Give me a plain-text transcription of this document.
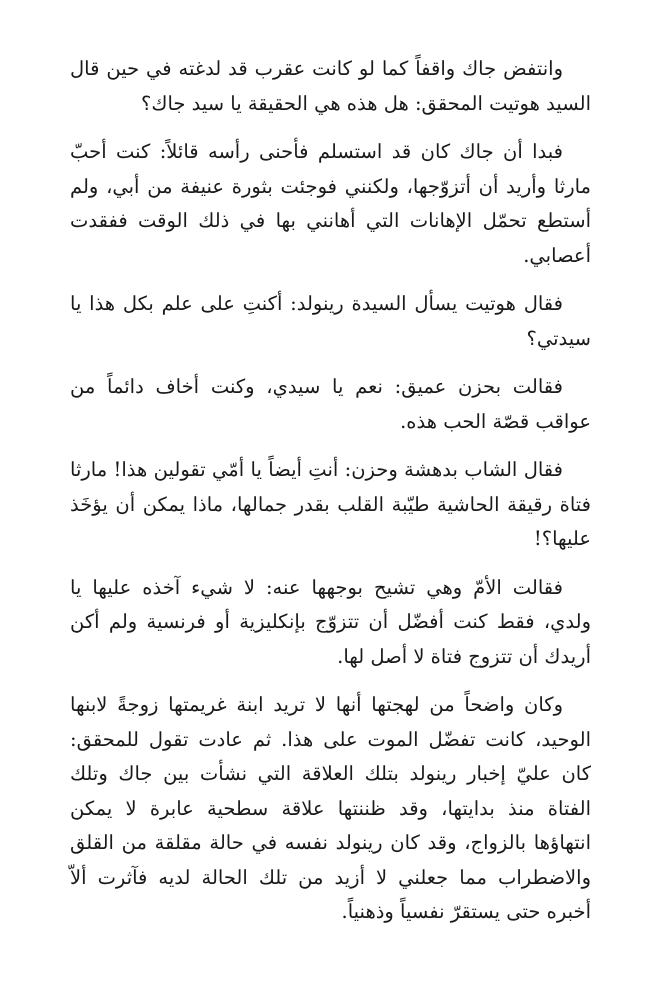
وانتفض جاك واقفاً كما لو كانت عقرب قد لدغته في حين قال السيد هوتيت المحقق: هل هذه هي الحقيقة يا سيد جاك؟

فبدا أن جاك كان قد استسلم فأحنى رأسه قائلاً: كنت أحبّ مارثا وأريد أن أتزوّجها، ولكنني فوجئت بثورة عنيفة من أبي، ولم أستطع تحمّل الإهانات التي أهانني بها في ذلك الوقت ففقدت أعصابي.

فقال هوتيت يسأل السيدة رينولد: أكنتِ على علم بكل هذا يا سيدتي؟

فقالت بحزن عميق: نعم يا سيدي، وكنت أخاف دائماً من عواقب قصّة الحب هذه.

فقال الشاب بدهشة وحزن: أنتِ أيضاً يا أمّي تقولين هذا! مارثا فتاة رقيقة الحاشية طيّبة القلب بقدر جمالها، ماذا يمكن أن يؤخَذ عليها؟!

فقالت الأمّ وهي تشيح بوجهها عنه: لا شيء آخذه عليها يا ولدي، فقط كنت أفضّل أن تتزوّج بإنكليزية أو فرنسية ولم أكن أريدك أن تتزوج فتاة لا أصل لها.

وكان واضحاً من لهجتها أنها لا تريد ابنة غريمتها زوجةً لابنها الوحيد، كانت تفضّل الموت على هذا. ثم عادت تقول للمحقق: كان عليّ إخبار رينولد بتلك العلاقة التي نشأت بين جاك وتلك الفتاة منذ بدايتها، وقد ظننتها علاقة سطحية عابرة لا يمكن انتهاؤها بالزواج، وقد كان رينولد نفسه في حالة مقلقة من القلق والاضطراب مما جعلني لا أزيد من تلك الحالة لديه فآثرت ألاّ أخبره حتى يستقرّ نفسياً وذهنياً.
